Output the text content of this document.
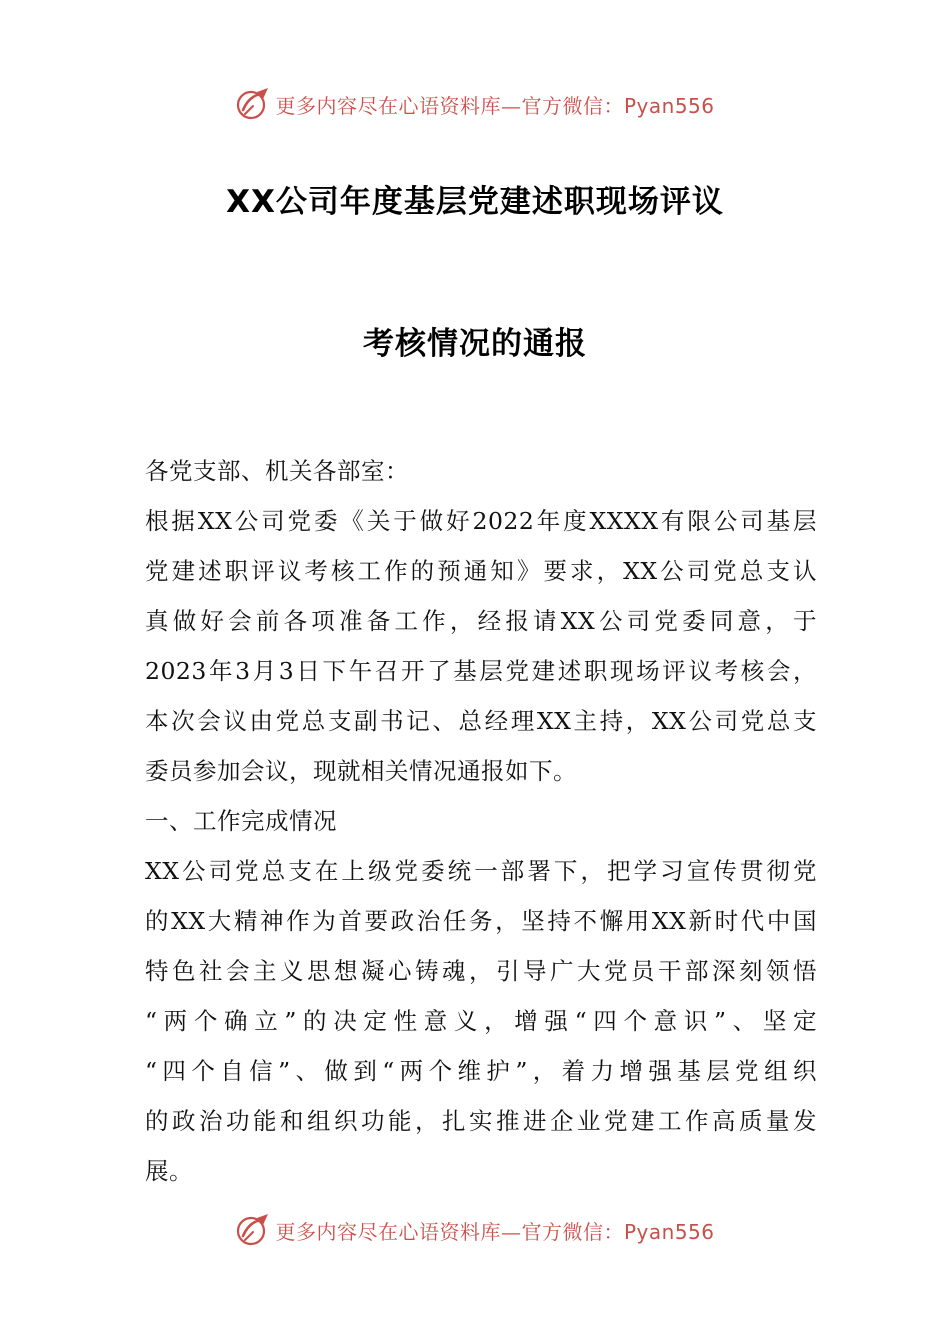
更多内容尽在心语资料库—官方微信：Pyan556
XX公司年度基层党建述职现场评议
考核情况的通报
各党支部、机关各部室：
根据XX公司党委《关于做好2022年度XXXX有限公司基层
党建述职评议考核工作的预通知》要求，XX公司党总支认
真做好会前各项准备工作，经报请XX公司党委同意，于
2023年3月3日下午召开了基层党建述职现场评议考核会，
本次会议由党总支副书记、总经理XX主持，XX公司党总支
委员参加会议，现就相关情况通报如下。
一、工作完成情况
XX公司党总支在上级党委统一部署下，把学习宣传贯彻党
的XX大精神作为首要政治任务，坚持不懈用XX新时代中国
特色社会主义思想凝心铸魂，引导广大党员干部深刻领悟
“两个确立”的决定性意义，增强“四个意识”、坚定
“四个自信”、做到“两个维护”，着力增强基层党组织
的政治功能和组织功能，扎实推进企业党建工作高质量发
展。
更多内容尽在心语资料库—官方微信：Pyan556
